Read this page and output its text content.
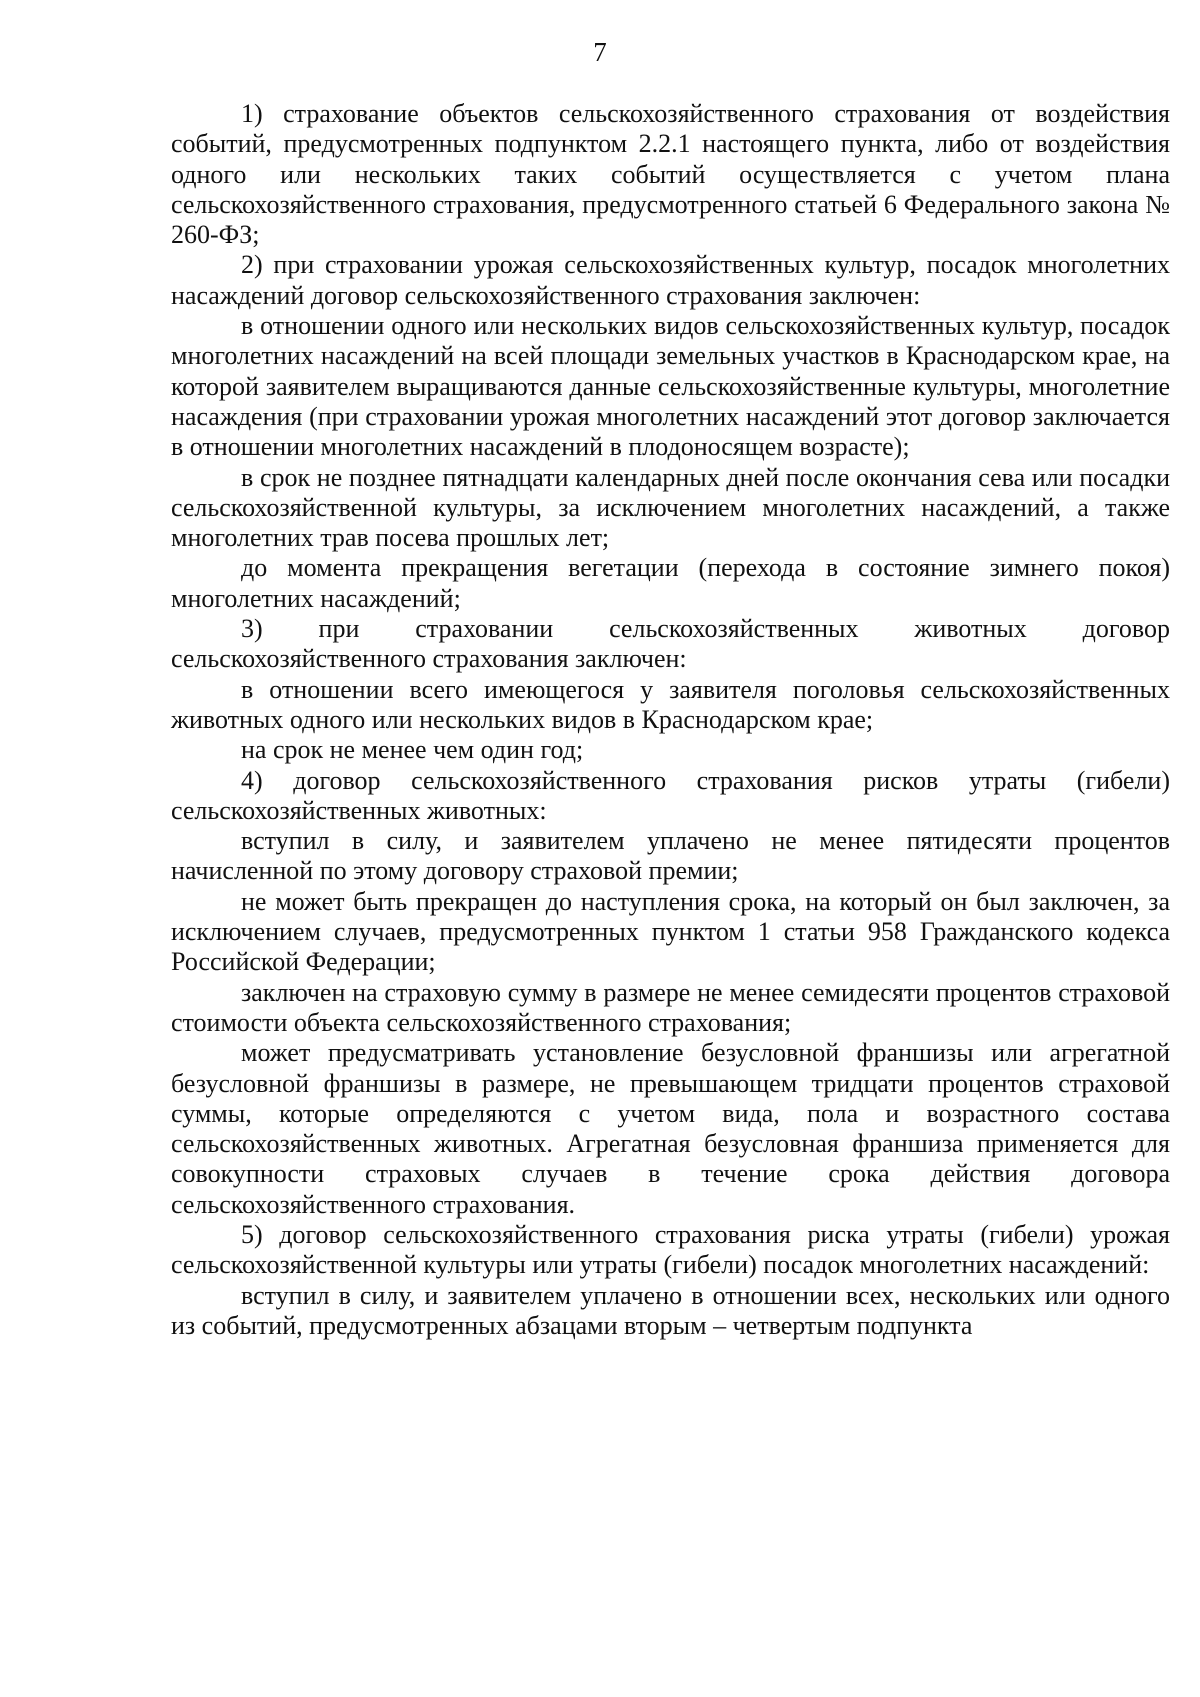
7

1) страхование объектов сельскохозяйственного страхования от воздействия событий, предусмотренных подпунктом 2.2.1 настоящего пункта, либо от воздействия одного или нескольких таких событий осуществляется с учетом плана сельскохозяйственного страхования, предусмотренного статьей 6 Федерального закона № 260-ФЗ;

2) при страховании урожая сельскохозяйственных культур, посадок многолетних насаждений договор сельскохозяйственного страхования заключен:

в отношении одного или нескольких видов сельскохозяйственных культур, посадок многолетних насаждений на всей площади земельных участков в Краснодарском крае, на которой заявителем выращиваются данные сельскохозяйственные культуры, многолетние насаждения (при страховании урожая многолетних насаждений этот договор заключается в отношении многолетних насаждений в плодоносящем возрасте);

в срок не позднее пятнадцати календарных дней после окончания сева или посадки сельскохозяйственной культуры, за исключением многолетних насаждений, а также многолетних трав посева прошлых лет;

до момента прекращения вегетации (перехода в состояние зимнего покоя) многолетних насаждений;

3) при страховании сельскохозяйственных животных договор сельскохозяйственного страхования заключен:

в отношении всего имеющегося у заявителя поголовья сельскохозяйственных животных одного или нескольких видов в Краснодарском крае;

на срок не менее чем один год;

4) договор сельскохозяйственного страхования рисков утраты (гибели) сельскохозяйственных животных:

вступил в силу, и заявителем уплачено не менее пятидесяти процентов начисленной по этому договору страховой премии;

не может быть прекращен до наступления срока, на который он был заключен, за исключением случаев, предусмотренных пунктом 1 статьи 958 Гражданского кодекса Российской Федерации;

заключен на страховую сумму в размере не менее семидесяти процентов страховой стоимости объекта сельскохозяйственного страхования;

может предусматривать установление безусловной франшизы или агрегатной безусловной франшизы в размере, не превышающем тридцати процентов страховой суммы, которые определяются с учетом вида, пола и возрастного состава сельскохозяйственных животных. Агрегатная безусловная франшиза применяется для совокупности страховых случаев в течение срока действия договора сельскохозяйственного страхования.

5) договор сельскохозяйственного страхования риска утраты (гибели) урожая сельскохозяйственной культуры или утраты (гибели) посадок многолетних насаждений:

вступил в силу, и заявителем уплачено в отношении всех, нескольких или одного из событий, предусмотренных абзацами вторым – четвертым подпункта
